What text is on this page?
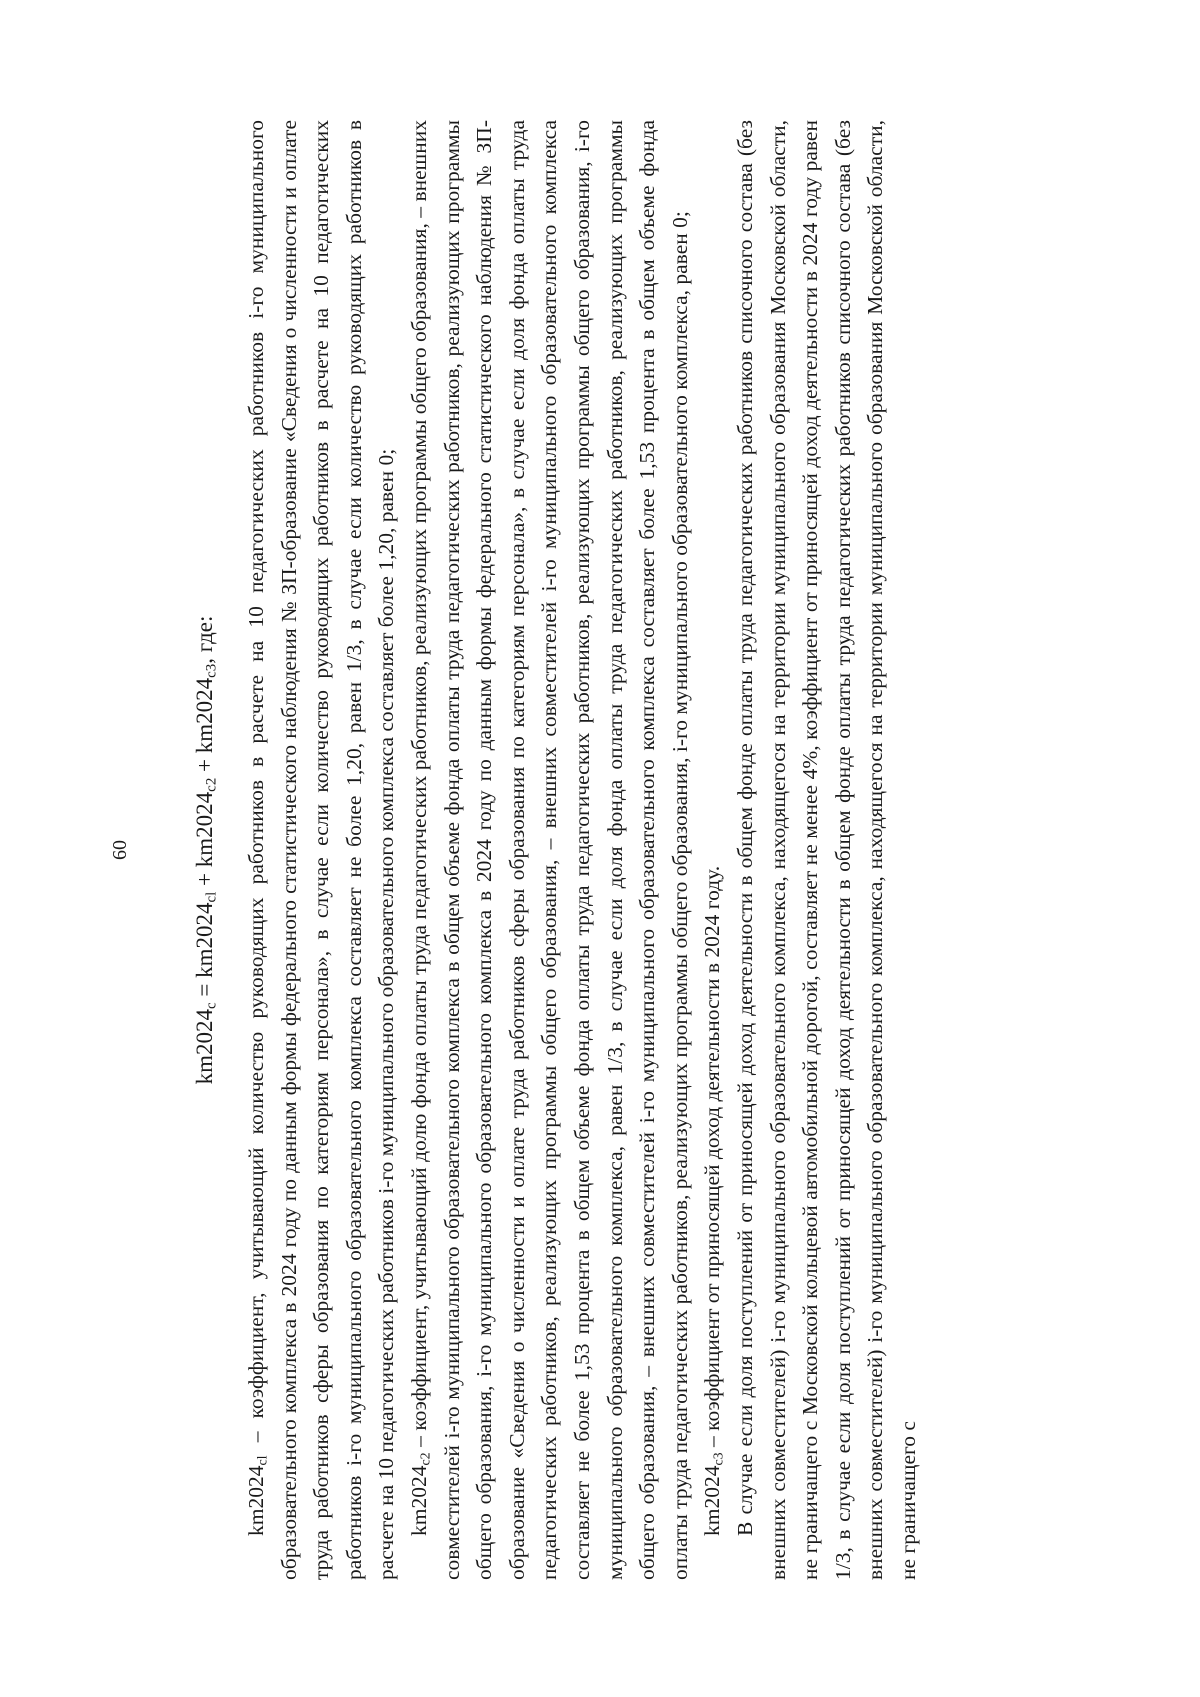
60
$km2024_c = km2024_{cl} + km2024_{c2} + km2024_{c3}$, где:

$km2024_{cl}$ – коэффициент, учитывающий количество руководящих работников в расчете на 10 педагогических работников i-го муниципального образовательного комплекса в 2024 году по данным формы федерального статистического наблюдения № ЗП-образование «Сведения о численности и оплате труда работников сферы образования по категориям персонала», в случае если количество руководящих работников в расчете на 10 педагогических работников i-го муниципального образовательного комплекса составляет не более 1,20, равен 1/3, в случае если количество руководящих работников в расчете на 10 педагогических работников i-го муниципального образовательного комплекса составляет более 1,20, равен 0; $km2024_{c2}$ – коэффициент, учитывающий долю фонда оплаты труда педагогических работников, реализующих программы общего образования, – внешних совместителей i-го муниципального образовательного комплекса в общем объеме фонда оплаты труда педагогических работников, реализующих программы общего образования, i-го муниципального образовательного комплекса в 2024 году по данным формы федерального статистического наблюдения № ЗП-образование «Сведения о численности и оплате труда работников сферы образования по категориям персонала», в случае если доля фонда оплаты труда педагогических работников, реализующих программы общего образования, – внешних совместителей i-го муниципального образовательного комплекса составляет не более 1,53 процента в общем объеме фонда оплаты труда педагогических работников, реализующих программы общего образования, i-го муниципального образовательного комплекса, равен 1/3, в случае если доля фонда оплаты труда педагогических работников, реализующих программы общего образования, – внешних совместителей i-го муниципального образовательного комплекса составляет более 1,53 процента в общем объеме фонда оплаты труда педагогических работников, реализующих программы общего образования, i-го муниципального образовательного комплекса, равен 0; $km2024_{c3}$ – коэффициент от приносящей доход деятельности в 2024 году. В случае если доля поступлений от приносящей доход деятельности в общем фонде оплаты труда педагогических работников списочного состава (без внешних совместителей) i-го муниципального образовательного комплекса, находящегося на территории муниципального образования Московской области, не граничащего с Московской кольцевой автомобильной дорогой, составляет не менее 4%, коэффициент от приносящей доход деятельности в 2024 году равен 1/3, в случае если доля поступлений от приносящей доход деятельности в общем фонде оплаты труда педагогических работников списочного состава (без внешних совместителей) i-го муниципального образовательного комплекса, находящегося на территории муниципального образования Московской области, не граничащего с
